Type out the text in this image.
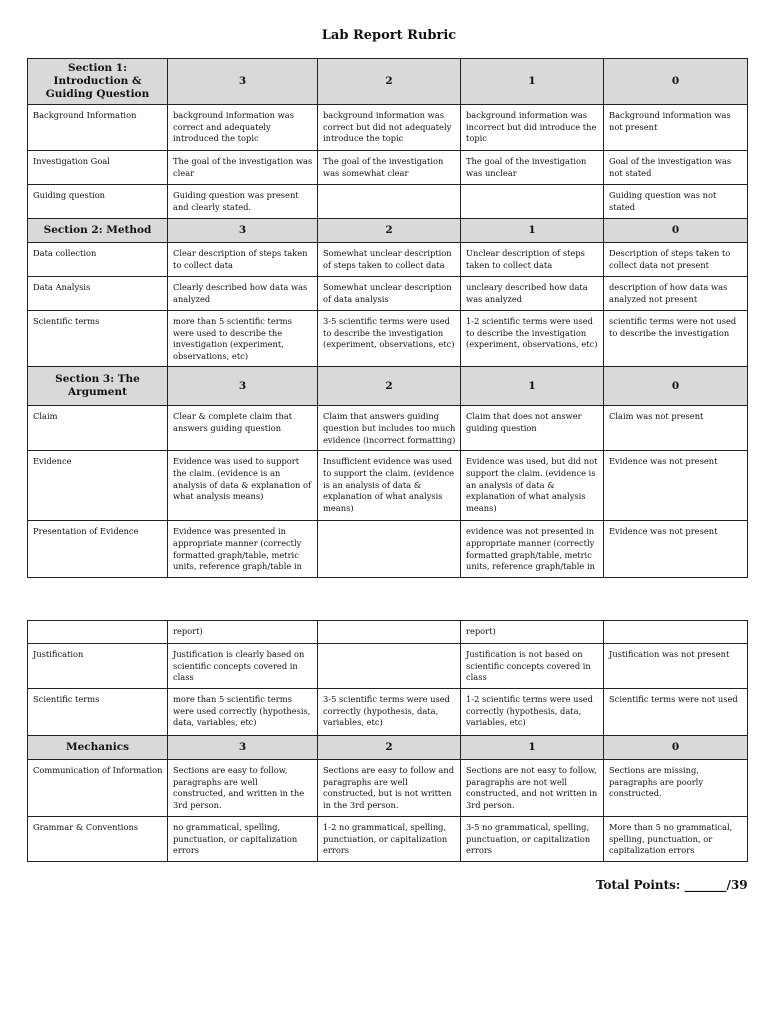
Lab Report Rubric
Section 1: Introduction & Guiding Question	3	2	1	0
Background Information	background information was correct and adequately introduced the topic	background information was correct but did not adequately introduce the topic	background information was incorrect but did introduce the topic	Background information was not present
Investigation Goal	The goal of the investigation was clear	The goal of the investigation was somewhat clear	The goal of the investigation was unclear	Goal of the investigation was not stated
Guiding question	Guiding question was present and clearly stated.			Guiding question was not stated
Section 2: Method	3	2	1	0
Data collection	Clear description of steps taken to collect data	Somewhat unclear description of steps taken to collect data	Unclear description of steps taken to collect data	Description of steps taken to collect data not present
Data Analysis	Clearly described how data was analyzed	Somewhat unclear description of data analysis	uncleary described how data was analyzed	description of how data was analyzed not present
Scientific terms	more than 5 scientific terms were used to describe the investigation (experiment, observations, etc)	3-5 scientific terms were used to describe the investigation (experiment, observations, etc)	1-2 scientific terms were used to describe the investigation (experiment, observations, etc)	scientific terms were not used to describe the investigation
Section 3: The Argument	3	2	1	0
Claim	Clear & complete claim that answers guiding question	Claim that answers guiding question but includes too much evidence (incorrect formatting)	Claim that does not answer guiding question	Claim was not present
Evidence	Evidence was used to support the claim. (evidence is an analysis of data & explanation of what analysis means)	Insufficient evidence was used to support the claim. (evidence is an analysis of data & explanation of what analysis means)	Evidence was used, but did not support the claim. (evidence is an analysis of data & explanation of what analysis means)	Evidence was not present
Presentation of Evidence	Evidence was presented in appropriate manner (correctly formatted graph/table, metric units, reference graph/table in		evidence was not presented in appropriate manner (correctly formatted graph/table, metric units, reference graph/table in	Evidence was not present
	report)		report)	
Justification	Justification is clearly based on scientific concepts covered in class		Justification is not based on scientific concepts covered in class	Justification was not present
Scientific terms	more than 5 scientific terms were used correctly (hypothesis, data, variables, etc)	3-5 scientific terms were used correctly (hypothesis, data, variables, etc)	1-2 scientific terms were used correctly (hypothesis, data, variables, etc)	Scientific terms were not used
Mechanics	3	2	1	0
Communication of Information	Sections are easy to follow, paragraphs are well constructed, and written in the 3rd person.	Sections are easy to follow and paragraphs are well constructed, but is not written in the 3rd person.	Sections are not easy to follow, paragraphs are not well constructed, and not written in 3rd person.	Sections are missing, paragraphs are poorly constructed.
Grammar & Conventions	no grammatical, spelling, punctuation, or capitalization errors	1-2 no grammatical, spelling, punctuation, or capitalization errors	3-5 no grammatical, spelling, punctuation, or capitalization errors	More than 5 no grammatical, spelling, punctuation, or capitalization errors
Total Points: _______/39
